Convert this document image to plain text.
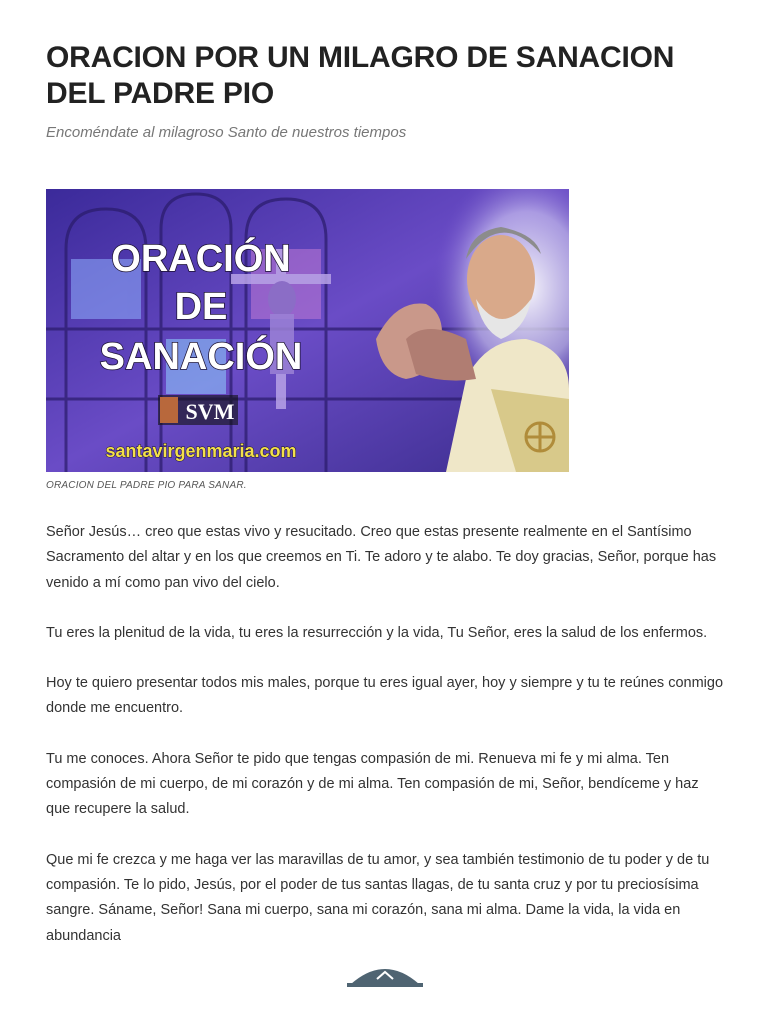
ORACION POR UN MILAGRO DE SANACION DEL PADRE PIO

Encoméndate al milagroso Santo de nuestros tiempos

ORACIÓN
DE
SANACIÓN
SVM
santavirgenmaria.com
ORACION DEL PADRE PIO PARA SANAR.

Señor Jesús… creo que estas vivo y resucitado. Creo que estas presente realmente en el Santísimo Sacramento del altar y en los que creemos en Ti. Te adoro y te alabo. Te doy gracias, Señor, porque has venido a mí como pan vivo del cielo.

Tu eres la plenitud de la vida, tu eres la resurrección y la vida, Tu Señor, eres la salud de los enfermos.

Hoy te quiero presentar todos mis males, porque tu eres igual ayer, hoy y siempre y tu te reúnes conmigo donde me encuentro.

Tu me conoces. Ahora Señor te pido que tengas compasión de mi. Renueva mi fe y mi alma. Ten compasión de mi cuerpo, de mi corazón y de mi alma. Ten compasión de mi, Señor, bendíceme y haz que recupere la salud.

Que mi fe crezca y me haga ver las maravillas de tu amor, y sea también testimonio de tu poder y de tu compasión. Te lo pido, Jesús, por el poder de tus santas llagas, de tu santa cruz y por tu preciosísima sangre. Sáname, Señor! Sana mi cuerpo, sana mi corazón, sana mi alma. Dame la vida, la vida en abundancia
